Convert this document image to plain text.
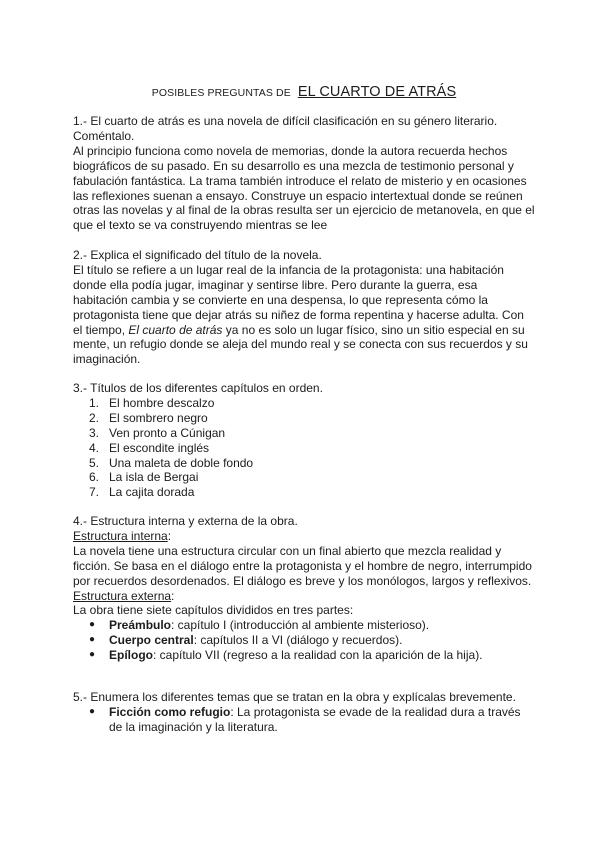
POSIBLES PREGUNTAS DE EL CUARTO DE ATRÁS

1.- El cuarto de atrás es una novela de difícil clasificación en su género literario. Coméntalo.

Al principio funciona como novela de memorias, donde la autora recuerda hechos biográficos de su pasado. En su desarrollo es una mezcla de testimonio personal y fabulación fantástica. La trama también introduce el relato de misterio y en ocasiones las reflexiones suenan a ensayo. Construye un espacio intertextual donde se reúnen otras las novelas y al final de la obras resulta ser un ejercicio de metanovela, en que el que el texto se va construyendo mientras se lee

2.- Explica el significado del título de la novela.

El título se refiere a un lugar real de la infancia de la protagonista: una habitación donde ella podía jugar, imaginar y sentirse libre. Pero durante la guerra, esa habitación cambia y se convierte en una despensa, lo que representa cómo la protagonista tiene que dejar atrás su niñez de forma repentina y hacerse adulta. Con el tiempo, El cuarto de atrás ya no es solo un lugar físico, sino un sitio especial en su mente, un refugio donde se aleja del mundo real y se conecta con sus recuerdos y su imaginación.

3.- Títulos de los diferentes capítulos en orden.

1. El hombre descalzo
2. El sombrero negro
3. Ven pronto a Cúnigan
4. El escondite inglés
5. Una maleta de doble fondo
6. La isla de Bergai
7. La cajita dorada

4.- Estructura interna y externa de la obra.

Estructura interna:

La novela tiene una estructura circular con un final abierto que mezcla realidad y ficción. Se basa en el diálogo entre la protagonista y el hombre de negro, interrumpido por recuerdos desordenados. El diálogo es breve y los monólogos, largos y reflexivos.

Estructura externa:

La obra tiene siete capítulos divididos en tres partes:

● Preámbulo: capítulo I (introducción al ambiente misterioso).
● Cuerpo central: capítulos II a VI (diálogo y recuerdos).
● Epílogo: capítulo VII (regreso a la realidad con la aparición de la hija).

5.- Enumera los diferentes temas que se tratan en la obra y explícalas brevemente.

● Ficción como refugio: La protagonista se evade de la realidad dura a través de la imaginación y la literatura.
